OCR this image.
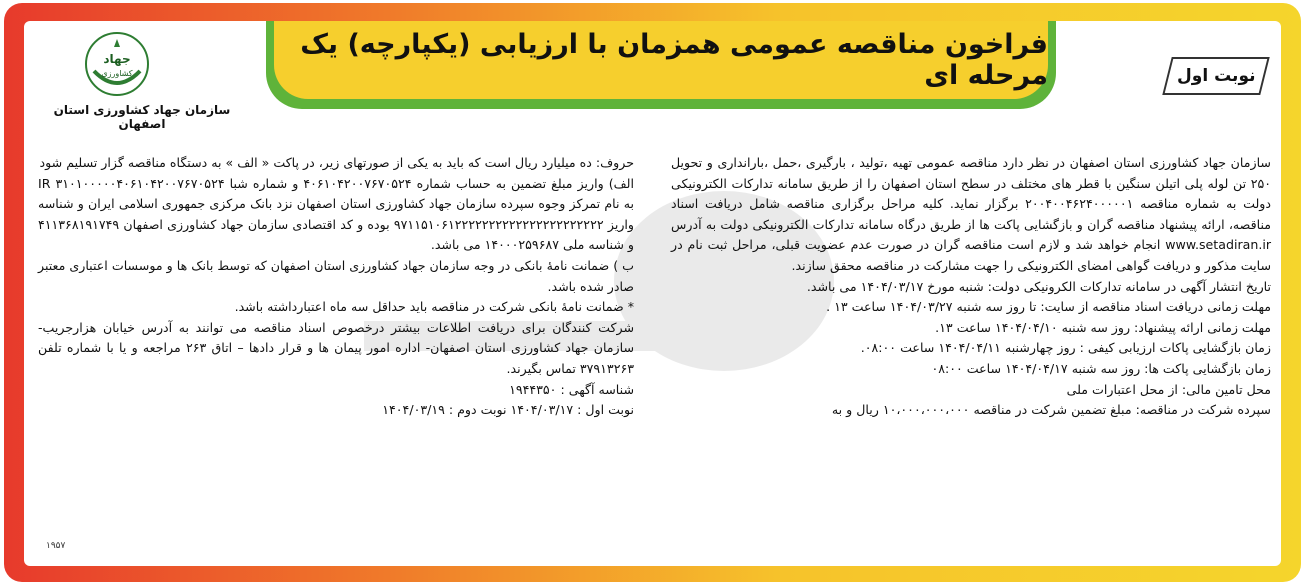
فراخون مناقصه عمومی همزمان با ارزیابی (یکپارچه) یک مرحله ای	نوبت اول
جهاد
کشاورزی
سازمان جهاد کشاورزی استان اصفهان

سازمان جهاد کشاورزی استان اصفهان در نظر دارد مناقصه عمومی تهیه ،تولید ، بارگیری ،حمل ،بارانداری و تحویل ۲۵۰ تن لوله پلی اتیلن سنگین با قطر های مختلف در سطح استان اصفهان را از طریق سامانه تدارکات الکترونیکی دولت به شماره مناقصه ۲۰۰۴۰۰۴۶۲۴۰۰۰۰۰۱ برگزار نماید. کلیه مراحل برگزاری مناقصه شامل دریافت اسناد مناقصه، ارائه پیشنهاد مناقصه گران و بازگشایی پاکت ها از طریق درگاه سامانه تدارکات الکترونیکی دولت به آدرس www.setadiran.ir انجام خواهد شد و لازم است مناقصه گران در صورت عدم عضویت قبلی، مراحل ثبت نام در سایت مذکور و دریافت گواهی امضای الکترونیکی را جهت مشارکت در مناقصه محقق سازند.

تاریخ انتشار آگهی در سامانه تدارکات الکرونیکی دولت: شنبه مورخ ۱۴۰۴/۰۳/۱۷ می باشد.

مهلت زمانی دریافت اسناد مناقصه از سایت: تا روز سه شنبه ۱۴۰۴/۰۳/۲۷ ساعت ۱۳ .

مهلت زمانی ارائه پیشنهاد: روز سه شنبه ۱۴۰۴/۰۴/۱۰ ساعت ۱۳.

زمان بازگشایی پاکات ارزیابی کیفی : روز چهارشنبه ۱۴۰۴/۰۴/۱۱ ساعت ۰۸:۰۰.

زمان بازگشایی پاکت ها: روز سه شنبه ۱۴۰۴/۰۴/۱۷ ساعت ۰۸:۰۰

محل تامین مالی: از محل اعتبارات ملی

سپرده شرکت در مناقصه: مبلغ تضمین شرکت در مناقصه ۱۰،۰۰۰،۰۰۰،۰۰۰ ریال و به

حروف: ده میلیارد ریال است که باید به یکی از صورتهای زیر، در پاکت « الف » به دستگاه مناقصه گزار تسلیم شود

الف) واریز مبلغ تضمین به حساب شماره ۴۰۶۱۰۴۲۰۰۷۶۷۰۵۲۴ و شماره شبا IR ۳۱۰۱۰۰۰۰۰۴۰۶۱۰۴۲۰۰۷۶۷۰۵۲۴ به نام تمرکز وجوه سپرده سازمان جهاد کشاورزی استان اصفهان نزد بانک مرکزی جمهوری اسلامی ایران و شناسه واریز ۹۷۱۱۵۱۰۶۱۲۲۲۲۲۲۲۲۲۲۲۲۲۲۲۲۲۲۲۲۲۲ بوده و کد اقتصادی سازمان جهاد کشاورزی اصفهان ۴۱۱۳۶۸۱۹۱۷۴۹ و شناسه ملی ۱۴۰۰۰۲۵۹۶۸۷ می باشد.

ب ) ضمانت نامهٔ بانکی در وجه سازمان جهاد کشاورزی استان اصفهان که توسط بانک ها و موسسات اعتباری معتبر صادر شده باشد.

* ضمانت نامهٔ بانکی شرکت در مناقصه باید حداقل سه ماه اعتبارداشته باشد.

شرکت کنندگان برای دریافت اطلاعات بیشتر درخصوص اسناد مناقصه می توانند به آدرس خیابان هزارجریب- سازمان جهاد کشاورزی استان اصفهان- اداره امور پیمان ها و قرار دادها – اتاق ۲۶۳ مراجعه و یا با شماره تلفن ۳۷۹۱۳۲۶۳ تماس بگیرند.

شناسه آگهی : ۱۹۴۴۳۵۰

نوبت اول : ۱۴۰۴/۰۳/۱۷ نوبت دوم : ۱۴۰۴/۰۳/۱۹

۱۹۵۷
